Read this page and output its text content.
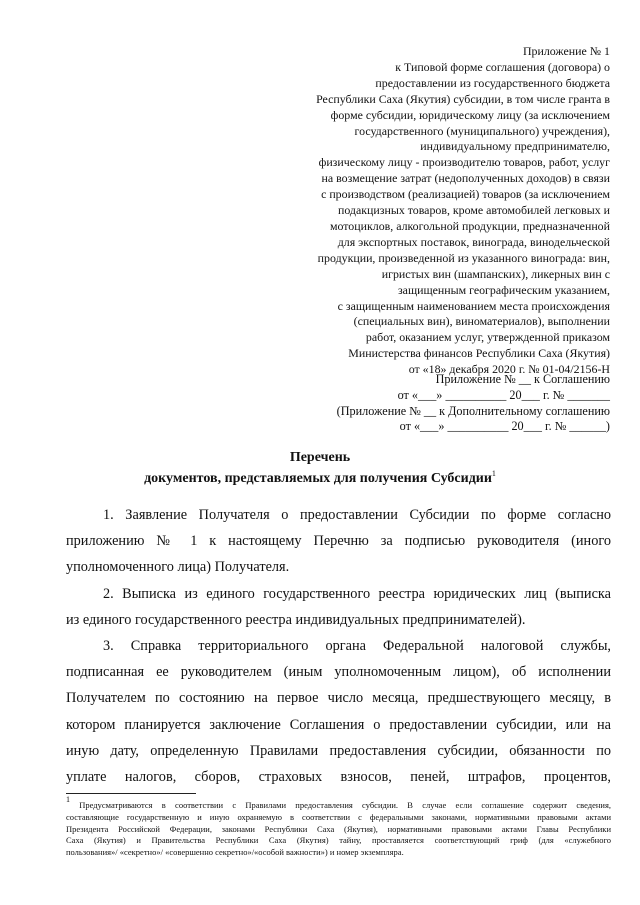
Приложение № 1
к Типовой форме соглашения (договора) о
предоставлении из государственного бюджета
Республики Саха (Якутия) субсидии, в том числе гранта в
форме субсидии, юридическому лицу (за исключением
государственного (муниципального) учреждения),
индивидуальному предпринимателю,
физическому лицу - производителю товаров, работ, услуг
на возмещение затрат (недополученных доходов) в связи
с производством (реализацией) товаров (за исключением
подакцизных товаров, кроме автомобилей легковых и
мотоциклов, алкогольной продукции, предназначенной
для экспортных поставок, винограда, винодельческой
продукции, произведенной из указанного винограда: вин,
игристых вин (шампанских), ликерных вин с
защищенным географическим указанием,
с защищенным наименованием места происхождения
(специальных вин), виноматериалов), выполнении
работ, оказанием услуг, утвержденной приказом
Министерства финансов Республики Саха (Якутия)
от «18» декабря 2020 г. № 01-04/2156-Н
Приложение № __ к Соглашению
от «___» __________ 20___ г. № _______
(Приложение № __ к Дополнительному соглашению
от «___» __________ 20___ г. № ______)
Перечень
документов, представляемых для получения Субсидии$^1$
1. Заявление Получателя о предоставлении Субсидии по форме согласно
приложению № 1 к настоящему Перечню за подписью руководителя (иного
уполномоченного лица) Получателя.
2. Выписка из единого государственного реестра юридических лиц (выписка
из единого государственного реестра индивидуальных предпринимателей).
3. Справка территориального органа Федеральной налоговой службы,
подписанная ее руководителем (иным уполномоченным лицом), об исполнении
Получателем по состоянию на первое число месяца, предшествующего месяцу, в
котором планируется заключение Соглашения о предоставлении субсидии, или на
иную дату, определенную Правилами предоставления субсидии, обязанности по
уплате налогов, сборов, страховых взносов, пеней, штрафов, процентов,
$^1$ Предусматриваются в соответствии с Правилами предоставления субсидии. В случае если соглашение содержит сведения,
составляющие государственную и иную охраняемую в соответствии с федеральными законами, нормативными правовыми актами
Президента Российской Федерации, законами Республики Саха (Якутия), нормативными правовыми актами Главы Республики
Саха (Якутия) и Правительства Республики Саха (Якутия) тайну, проставляется соответствующий гриф (для «служебного
пользования»/ «секретно»/ «совершенно секретно»/«особой важности») и номер экземпляра.
